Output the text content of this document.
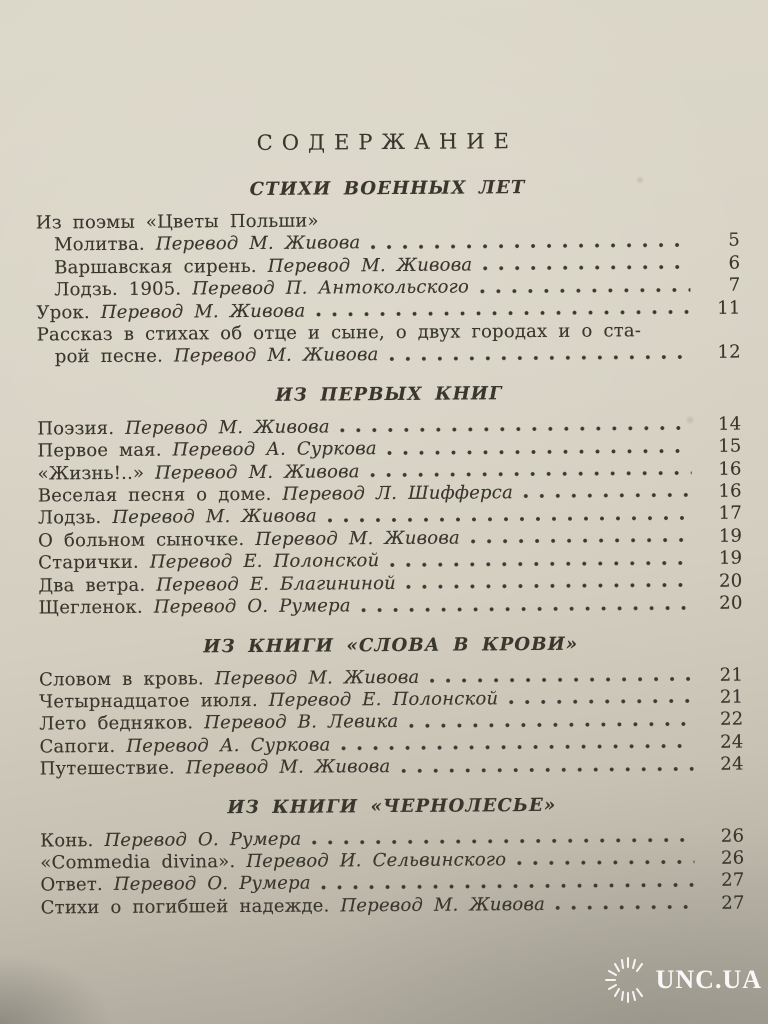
СОДЕРЖАНИЕ
СТИХИ ВОЕННЫХ ЛЕТ
Из поэмы «Цветы Польши»
Молитва. Перевод М. Живова	5
Варшавская сирень. Перевод М. Живова	6
Лодзь. 1905. Перевод П. Антокольского	7
Урок. Перевод М. Живова	11
Рассказ в стихах об отце и сыне, о двух городах и о ста-
рой песне. Перевод М. Живова	12
ИЗ ПЕРВЫХ КНИГ
Поэзия. Перевод М. Живова	14
Первое мая. Перевод А. Суркова	15
«Жизнь!..» Перевод М. Живова	16
Веселая песня о доме. Перевод Л. Шифферса	16
Лодзь. Перевод М. Живова	17
О больном сыночке. Перевод М. Живова	19
Старички. Перевод Е. Полонской	19
Два ветра. Перевод Е. Благининой	20
Щегленок. Перевод О. Румера	20
ИЗ КНИГИ «СЛОВА В КРОВИ»
Словом в кровь. Перевод М. Живова	21
Четырнадцатое июля. Перевод Е. Полонской	21
Лето бедняков. Перевод В. Левика	22
Сапоги. Перевод А. Суркова	24
Путешествие. Перевод М. Живова	24
ИЗ КНИГИ «ЧЕРНОЛЕСЬЕ»
Конь. Перевод О. Румера	26
«Commedia divina». Перевод И. Сельвинского	26
Ответ. Перевод О. Румера	27
Стихи о погибшей надежде. Перевод М. Живова	27
UNC.UA
